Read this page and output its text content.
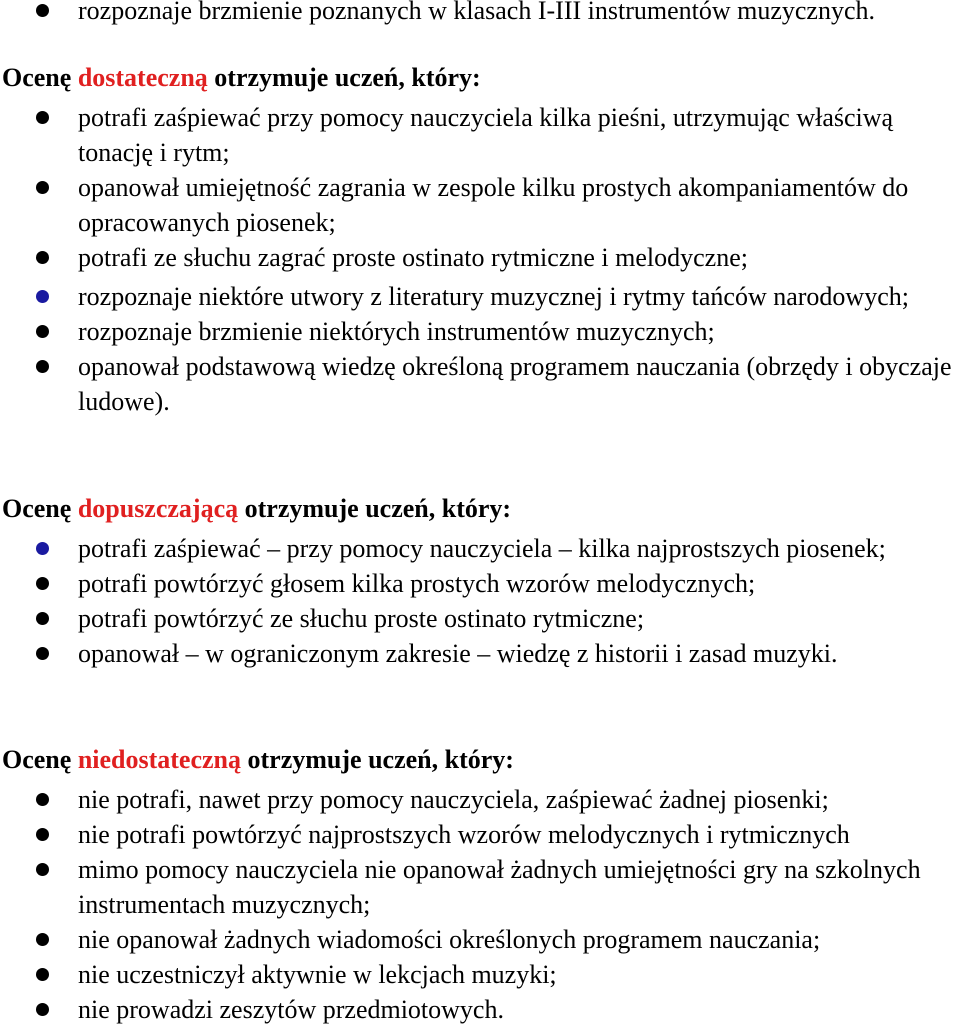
rozpoznaje brzmienie poznanych w klasach I-III instrumentów muzycznych.

Ocenę dostateczną otrzymuje uczeń, który:

potrafi zaśpiewać przy pomocy nauczyciela kilka pieśni, utrzymując właściwą tonację i rytm;
opanował umiejętność zagrania w zespole kilku prostych akompaniamentów do opracowanych piosenek;
potrafi ze słuchu zagrać proste ostinato rytmiczne i melodyczne;
rozpoznaje niektóre utwory z literatury muzycznej i rytmy tańców narodowych;
rozpoznaje brzmienie niektórych instrumentów muzycznych;
opanował podstawową wiedzę określoną programem nauczania (obrzędy i obyczaje ludowe).

Ocenę dopuszczającą otrzymuje uczeń, który:

potrafi zaśpiewać – przy pomocy nauczyciela – kilka najprostszych piosenek;
potrafi powtórzyć głosem kilka prostych wzorów melodycznych;
potrafi powtórzyć ze słuchu proste ostinato rytmiczne;
opanował – w ograniczonym zakresie – wiedzę z historii i zasad muzyki.

Ocenę niedostateczną otrzymuje uczeń, który:

nie potrafi, nawet przy pomocy nauczyciela, zaśpiewać żadnej piosenki;
nie potrafi powtórzyć najprostszych wzorów melodycznych i rytmicznych
mimo pomocy nauczyciela nie opanował żadnych umiejętności gry na szkolnych instrumentach muzycznych;
nie opanował żadnych wiadomości określonych programem nauczania;
nie uczestniczył aktywnie w lekcjach muzyki;
nie prowadzi zeszytów przedmiotowych.
